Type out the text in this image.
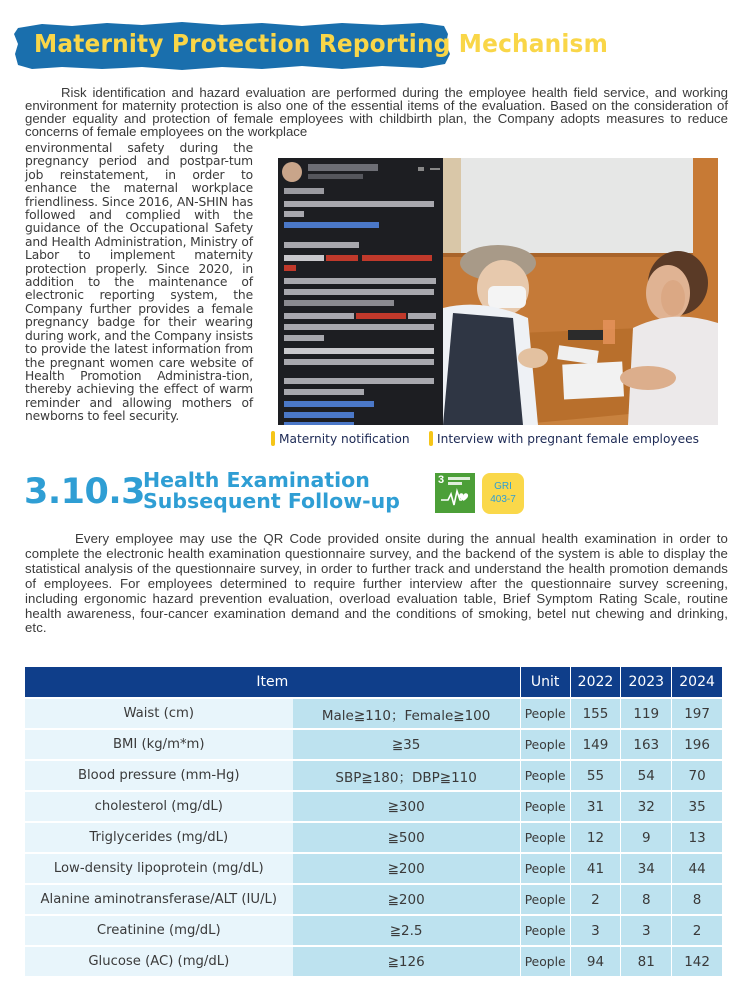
Maternity Protection Reporting Mechanism
Risk identification and hazard evaluation are performed during the employee health field service, and working environment for maternity protection is also one of the essential items of the evaluation. Based on the consideration of gender equality and protection of female employees with childbirth plan, the Company adopts measures to reduce concerns of female employees on the workplace
environmental safety during the pregnancy period and postpar-tum job reinstatement, in order to enhance the maternal workplace friendliness. Since 2016, AN-SHIN has followed and complied with the guidance of the Occupational Safety and Health Administration, Ministry of Labor to implement maternity protection properly. Since 2020, in addition to the maintenance of electronic reporting system, the Company further provides a female pregnancy badge for their wearing during work, and the Company insists to provide the latest information from the pregnant women care website of Health Promotion Administra-tion, thereby achieving the effect of warm reminder and allowing mothers of newborns to feel security.
Maternity notification	Interview with pregnant female employees
3.10.3
Health Examination
Subsequent Follow-up
3
GRI
403-7
Every employee may use the QR Code provided onsite during the annual health examination in order to complete the electronic health examination questionnaire survey, and the backend of the system is able to display the statistical analysis of the questionnaire survey, in order to further track and understand the health promotion demands of employees. For employees determined to require further interview after the questionnaire survey screening, including ergonomic hazard prevention evaluation, overload evaluation table, Brief Symptom Rating Scale, routine health awareness, four-cancer examination demand and the conditions of smoking, betel nut chewing and drinking, etc.
Item		Unit	2022	2023	2024
Waist (cm)	Male≧110；Female≧100	People	155	119	197
BMI (kg/m*m)	≧35	People	149	163	196
Blood pressure (mm-Hg)	SBP≧180；DBP≧110	People	55	54	70
cholesterol (mg/dL)	≧300	People	31	32	35
Triglycerides (mg/dL)	≧500	People	12	9	13
Low-density lipoprotein (mg/dL)	≧200	People	41	34	44
Alanine aminotransferase/ALT (IU/L)	≧200	People	2	8	8
Creatinine (mg/dL)	≧2.5	People	3	3	2
Glucose (AC) (mg/dL)	≧126	People	94	81	142
